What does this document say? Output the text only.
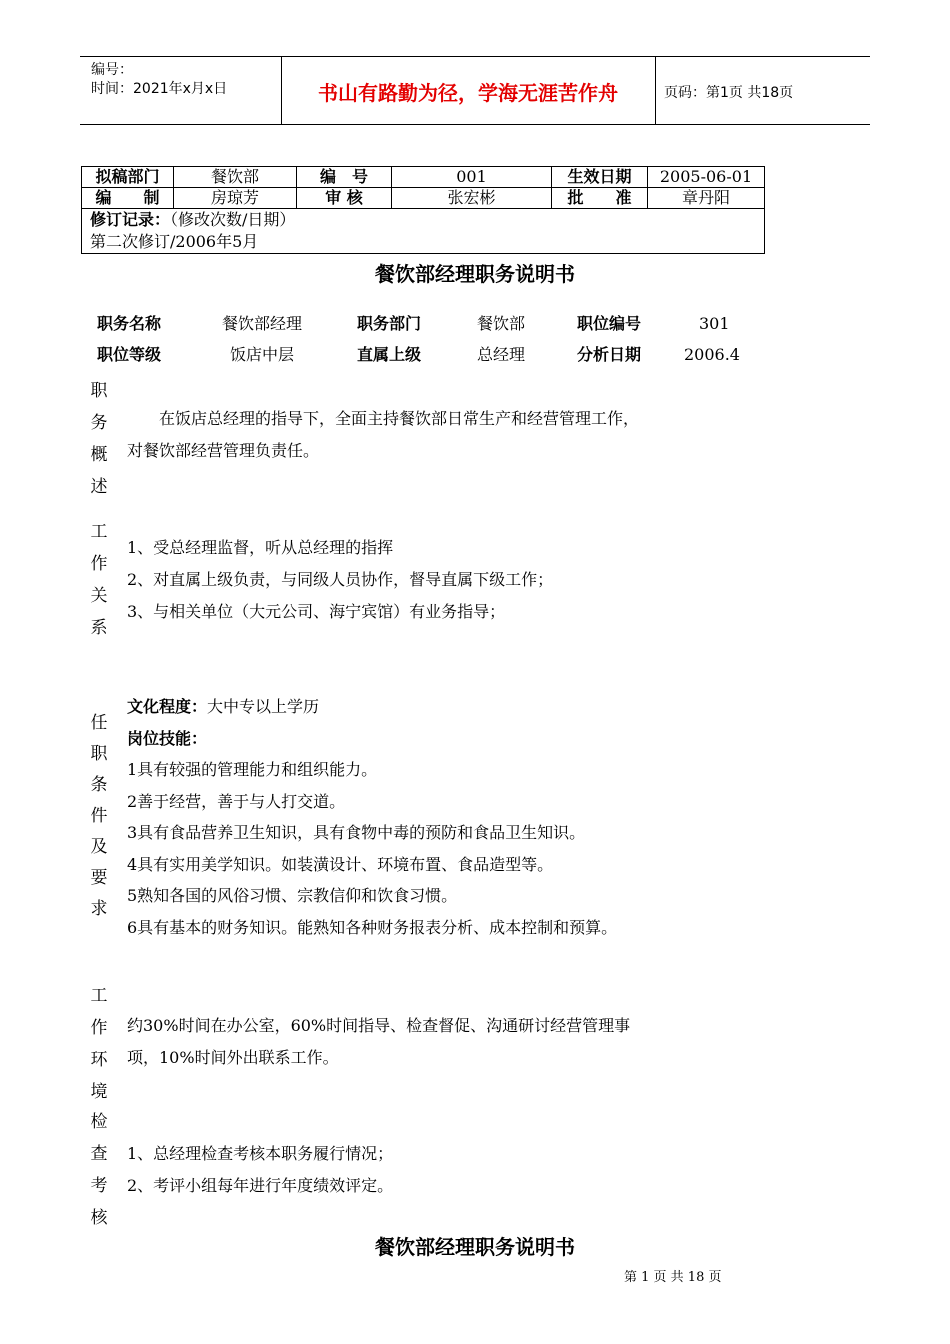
编号：
时间：2021年x月x日	书山有路勤为径，学海无涯苦作舟	页码：第1页 共18页
拟稿部门	餐饮部	编　号	001	生效日期	2005-06-01
编　　制	房琼芳	审 核	张宏彬	批　　准	章丹阳
修订记录：（修改次数/日期）
第二次修订/2006年5月					
餐饮部经理职务说明书
职务名称	餐饮部经理	职务部门	餐饮部	职位编号	301
职位等级	饭店中层	直属上级	总经理	分析日期	2006.4
职
务
概
述
　　在饭店总经理的指导下，全面主持餐饮部日常生产和经营管理工作，
对餐饮部经营管理负责任。
工
作
关
系
1、受总经理监督，听从总经理的指挥
2、对直属上级负责，与同级人员协作，督导直属下级工作；
3、与相关单位（大元公司、海宁宾馆）有业务指导；
任
职
条
件
及
要
求
文化程度：大中专以上学历
岗位技能：
1具有较强的管理能力和组织能力。
2善于经营，善于与人打交道。
3具有食品营养卫生知识，具有食物中毒的预防和食品卫生知识。
4具有实用美学知识。如装潢设计、环境布置、食品造型等。
5熟知各国的风俗习惯、宗教信仰和饮食习惯。
6具有基本的财务知识。能熟知各种财务报表分析、成本控制和预算。
工
作
环
境
约30%时间在办公室，60%时间指导、检查督促、沟通研讨经营管理事
项，10%时间外出联系工作。
检
查
考
核
1、总经理检查考核本职务履行情况；
2、考评小组每年进行年度绩效评定。
餐饮部经理职务说明书
第 1 页 共 18 页
